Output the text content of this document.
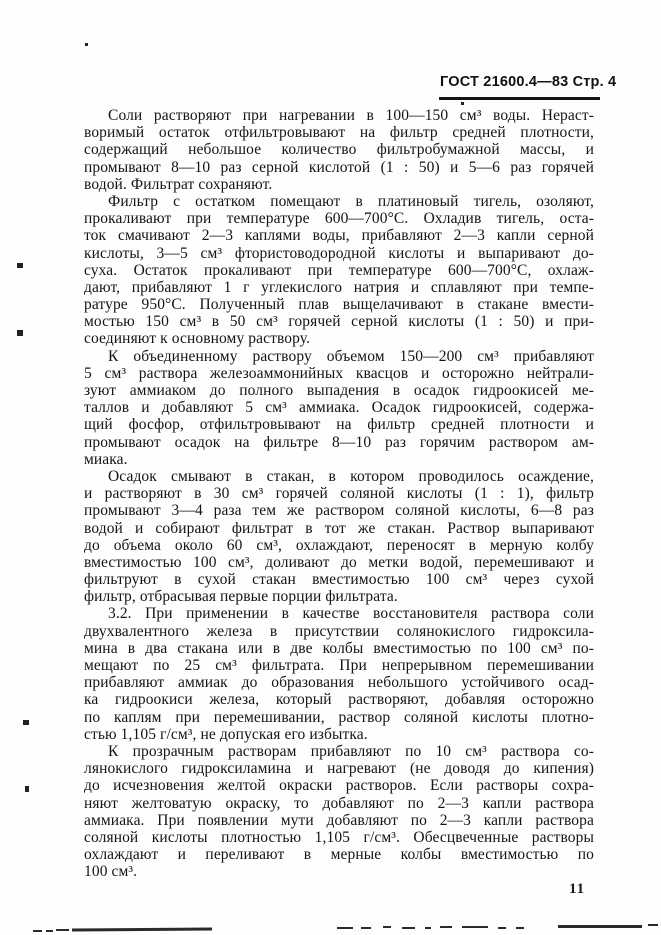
ГОСТ 21600.4—83 Стр. 4
Соли растворяют при нагревании в 100—150 см³ воды. Нераст-
воримый остаток отфильтровывают на фильтр средней плотности,
содержащий небольшое количество фильтробумажной массы, и
промывают 8—10 раз серной кислотой (1 : 50) и 5—6 раз горячей
водой. Фильтрат сохраняют.
Фильтр с остатком помещают в платиновый тигель, озоляют,
прокаливают при температуре 600—700°С. Охладив тигель, оста-
ток смачивают 2—3 каплями воды, прибавляют 2—3 капли серной
кислоты, 3—5 см³ фтористоводородной кислоты и выпаривают до-
суха. Остаток прокаливают при температуре 600—700°С, охлаж-
дают, прибавляют 1 г углекислого натрия и сплавляют при темпе-
ратуре 950°С. Полученный плав выщелачивают в стакане вмести-
мостью 150 см³ в 50 см³ горячей серной кислоты (1 : 50) и при-
соединяют к основному раствору.
К объединенному раствору объемом 150—200 см³ прибавляют
5 см³ раствора железоаммонийных квасцов и осторожно нейтрали-
зуют аммиаком до полного выпадения в осадок гидроокисей ме-
таллов и добавляют 5 см³ аммиака. Осадок гидроокисей, содержа-
щий фосфор, отфильтровывают на фильтр средней плотности и
промывают осадок на фильтре 8—10 раз горячим раствором ам-
миака.
Осадок смывают в стакан, в котором проводилось осаждение,
и растворяют в 30 см³ горячей соляной кислоты (1 : 1), фильтр
промывают 3—4 раза тем же раствором соляной кислоты, 6—8 раз
водой и собирают фильтрат в тот же стакан. Раствор выпаривают
до объема около 60 см³, охлаждают, переносят в мерную колбу
вместимостью 100 см³, доливают до метки водой, перемешивают и
фильтруют в сухой стакан вместимостью 100 см³ через сухой
фильтр, отбрасывая первые порции фильтрата.
3.2. При применении в качестве восстановителя раствора соли
двухвалентного железа в присутствии солянокислого гидроксила-
мина в два стакана или в две колбы вместимостью по 100 см³ по-
мещают по 25 см³ фильтрата. При непрерывном перемешивании
прибавляют аммиак до образования небольшого устойчивого осад-
ка гидроокиси железа, который растворяют, добавляя осторожно
по каплям при перемешивании, раствор соляной кислоты плотно-
стью 1,105 г/см³, не допуская его избытка.
К прозрачным растворам прибавляют по 10 см³ раствора со-
лянокислого гидроксиламина и нагревают (не доводя до кипения)
до исчезновения желтой окраски растворов. Если растворы сохра-
няют желтоватую окраску, то добавляют по 2—3 капли раствора
аммиака. При появлении мути добавляют по 2—3 капли раствора
соляной кислоты плотностью 1,105 г/см³. Обесцвеченные растворы
охлаждают и переливают в мерные колбы вместимостью по
100 см³.
11
